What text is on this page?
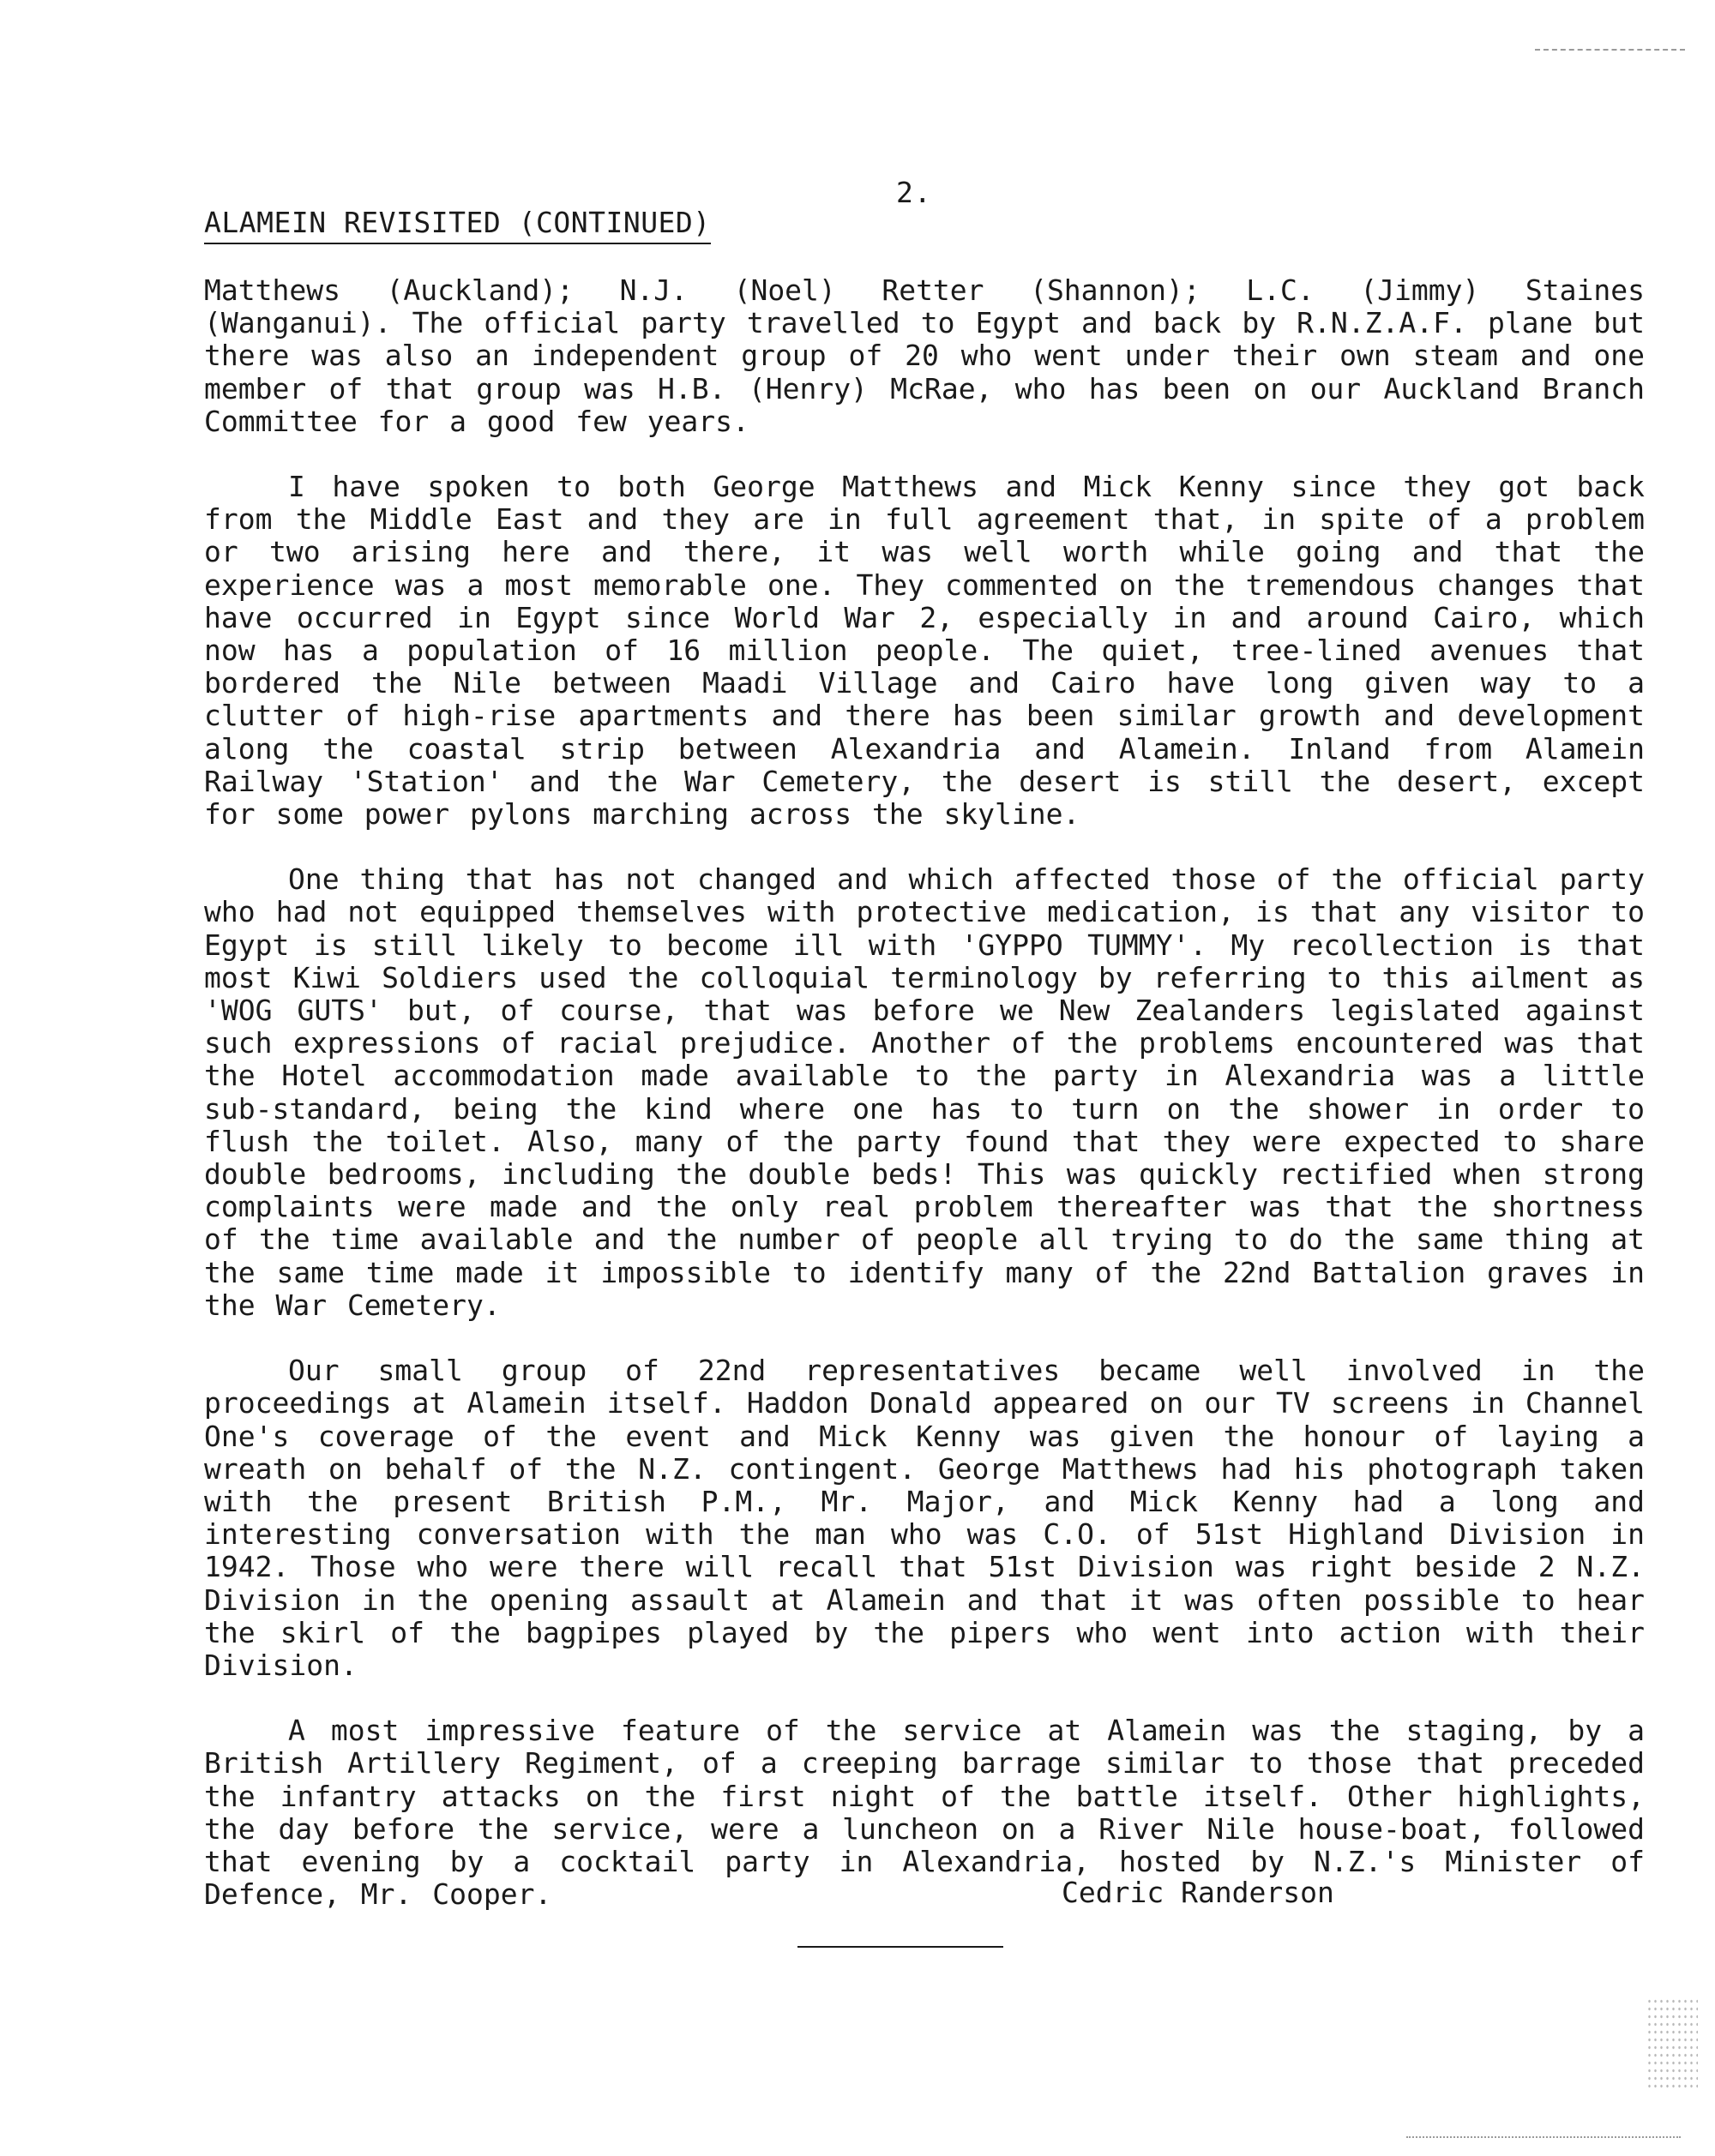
2.
ALAMEIN REVISITED (CONTINUED)

Matthews (Auckland); N.J. (Noel) Retter (Shannon); L.C. (Jimmy) Staines (Wanganui). The official party travelled to Egypt and back by R.N.Z.A.F. plane but there was also an independent group of 20 who went under their own steam and one member of that group was H.B. (Henry) McRae, who has been on our Auckland Branch Committee for a good few years.

I have spoken to both George Matthews and Mick Kenny since they got back from the Middle East and they are in full agreement that, in spite of a problem or two arising here and there, it was well worth while going and that the experience was a most memorable one. They commented on the tremendous changes that have occurred in Egypt since World War 2, especially in and around Cairo, which now has a population of 16 million people. The quiet, tree-lined avenues that bordered the Nile between Maadi Village and Cairo have long given way to a clutter of high-rise apartments and there has been similar growth and development along the coastal strip between Alexandria and Alamein. Inland from Alamein Railway 'Station' and the War Cemetery, the desert is still the desert, except for some power pylons marching across the skyline.

One thing that has not changed and which affected those of the official party who had not equipped themselves with protective medication, is that any visitor to Egypt is still likely to become ill with 'GYPPO TUMMY'. My recollection is that most Kiwi Soldiers used the colloquial terminology by referring to this ailment as 'WOG GUTS' but, of course, that was before we New Zealanders legislated against such expressions of racial prejudice. Another of the problems encountered was that the Hotel accommodation made available to the party in Alexandria was a little sub-standard, being the kind where one has to turn on the shower in order to flush the toilet. Also, many of the party found that they were expected to share double bedrooms, including the double beds! This was quickly rectified when strong complaints were made and the only real problem thereafter was that the shortness of the time available and the number of people all trying to do the same thing at the same time made it impossible to identify many of the 22nd Battalion graves in the War Cemetery.

Our small group of 22nd representatives became well involved in the proceedings at Alamein itself. Haddon Donald appeared on our TV screens in Channel One's coverage of the event and Mick Kenny was given the honour of laying a wreath on behalf of the N.Z. contingent. George Matthews had his photograph taken with the present British P.M., Mr. Major, and Mick Kenny had a long and interesting conversation with the man who was C.O. of 51st Highland Division in 1942. Those who were there will recall that 51st Division was right beside 2 N.Z. Division in the opening assault at Alamein and that it was often possible to hear the skirl of the bagpipes played by the pipers who went into action with their Division.

A most impressive feature of the service at Alamein was the staging, by a British Artillery Regiment, of a creeping barrage similar to those that preceded the infantry attacks on the first night of the battle itself. Other highlights, the day before the service, were a luncheon on a River Nile house-boat, followed that evening by a cocktail party in Alexandria, hosted by N.Z.'s Minister of Defence, Mr. Cooper.	Cedric Randerson
